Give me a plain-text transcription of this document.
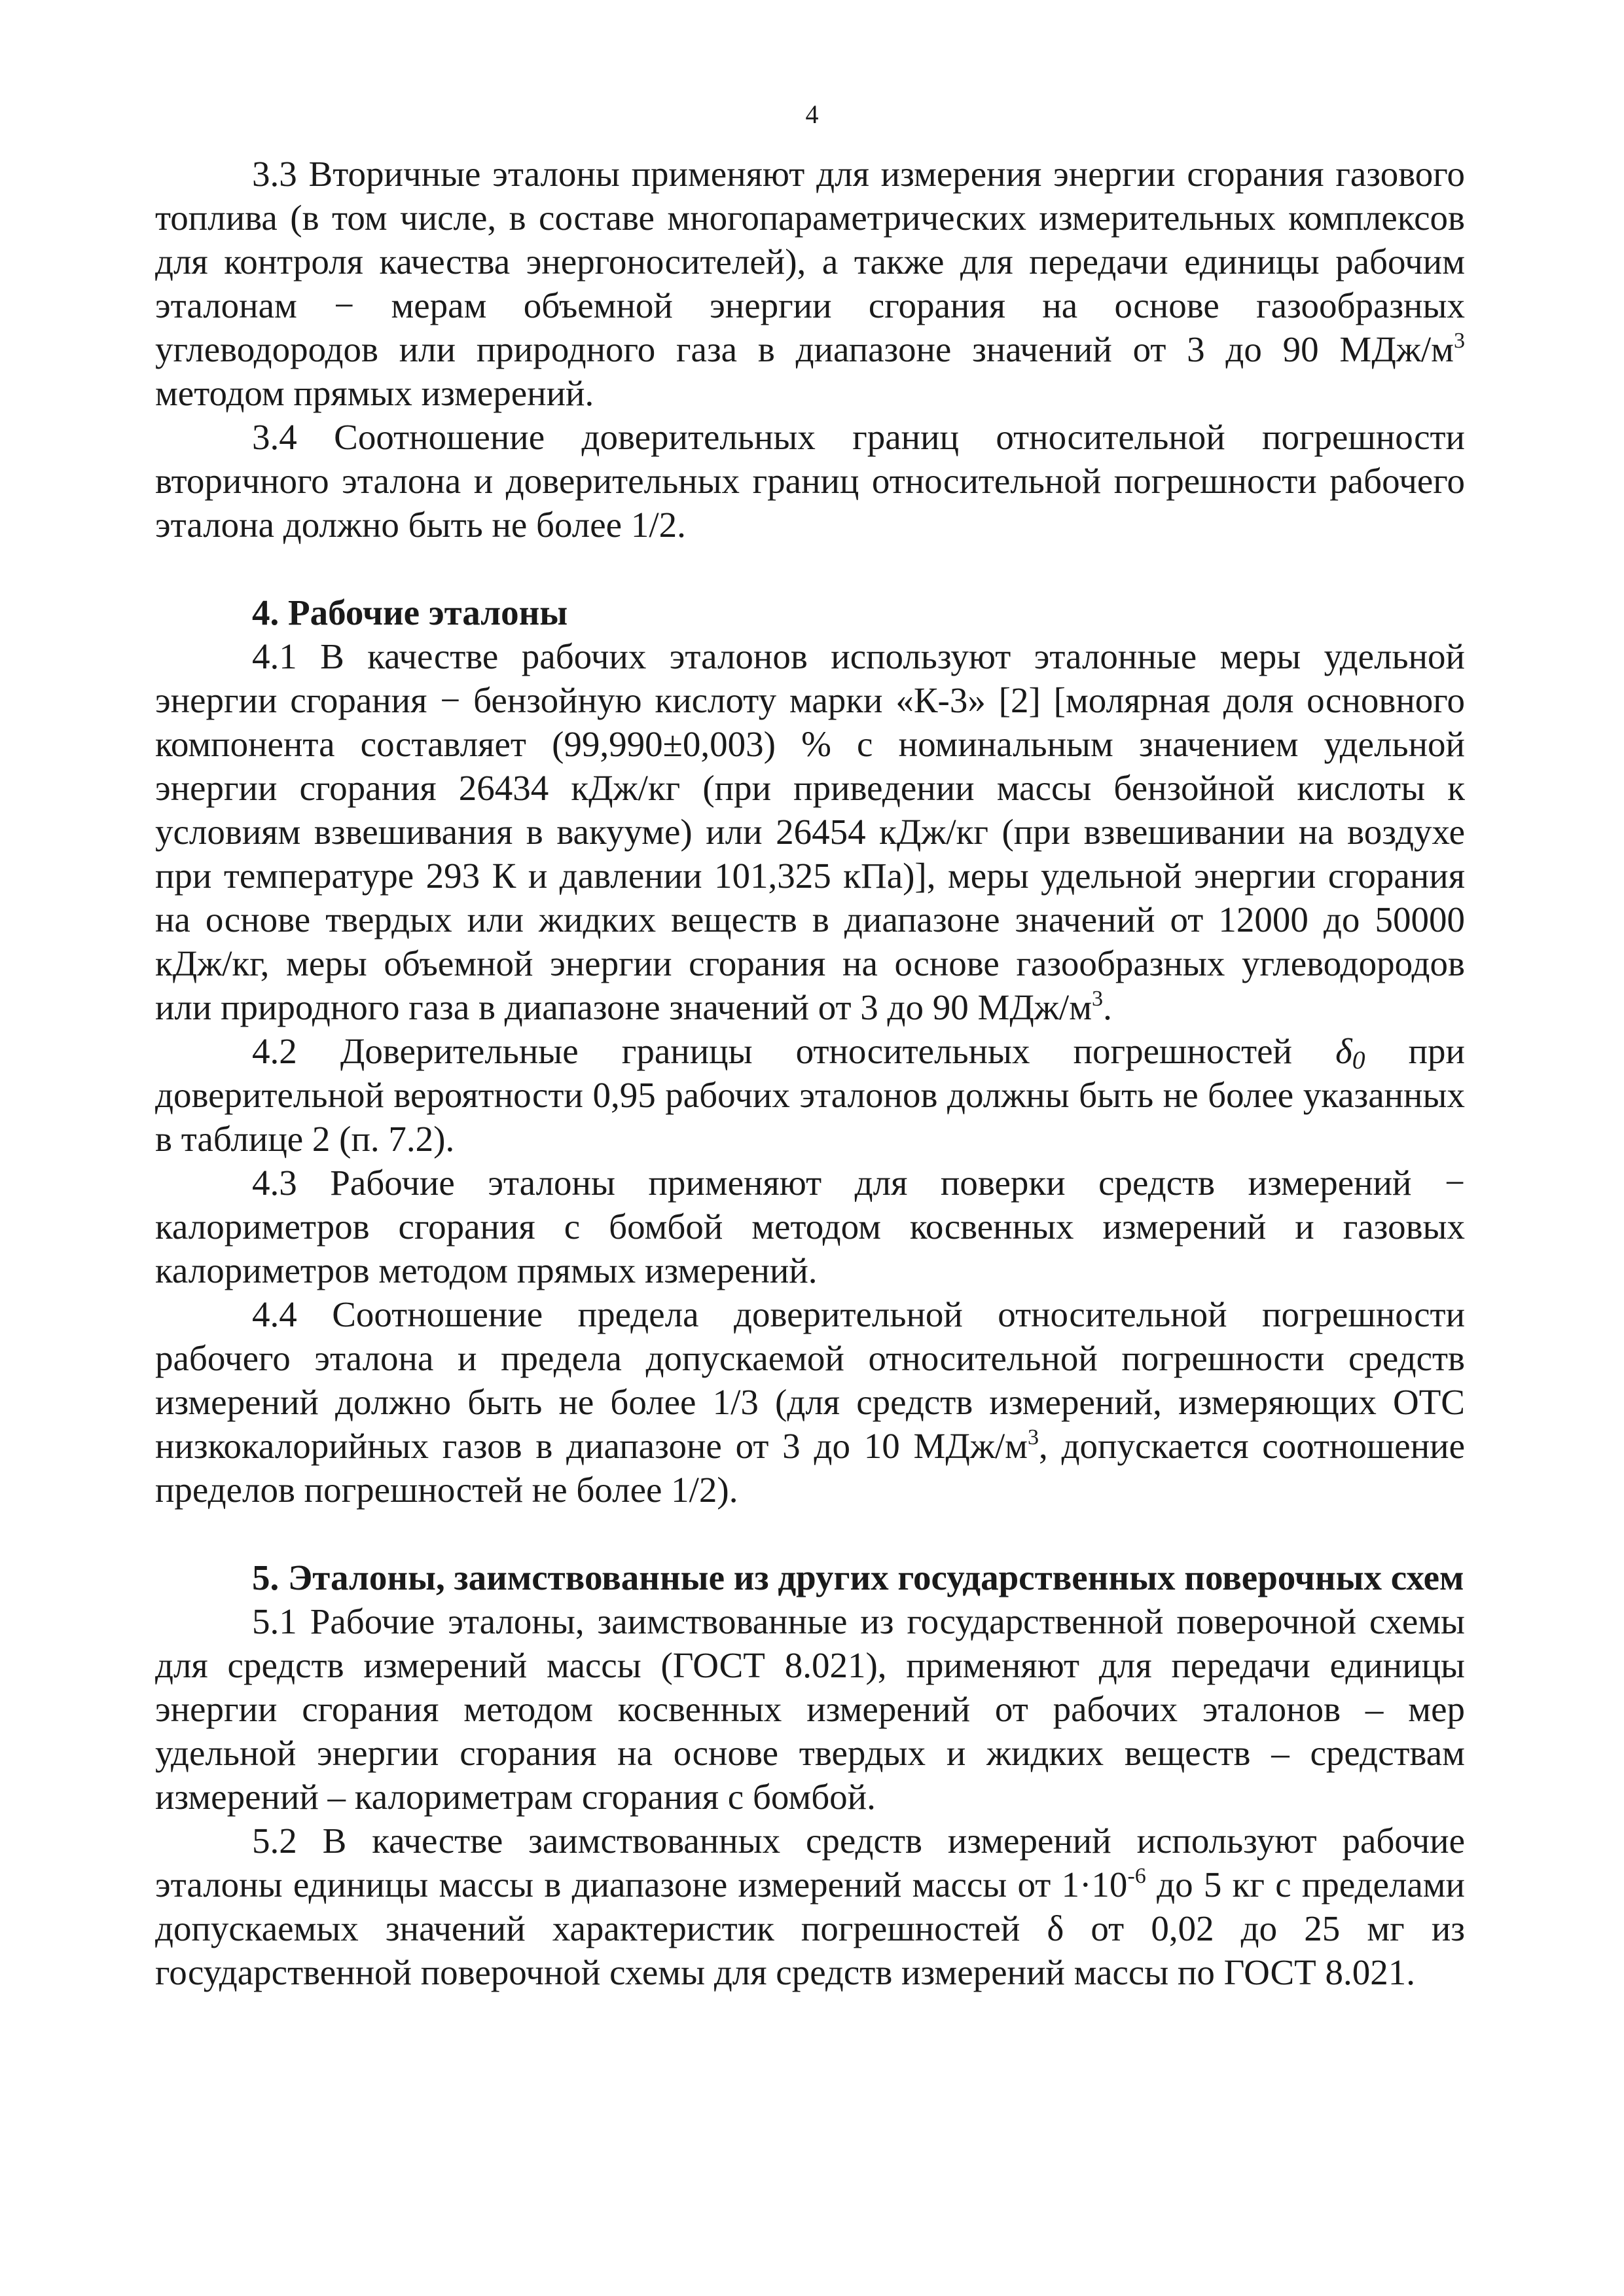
4

3.3 Вторичные эталоны применяют для измерения энергии сгорания газового топлива (в том числе, в составе многопараметрических измерительных комплексов для контроля качества энергоносителей), а также для передачи единицы рабочим эталонам − мерам объемной энергии сгорания на основе газообразных углеводородов или природного газа в диапазоне значений от 3 до 90 МДж/$м^3$ методом прямых измерений.

3.4 Соотношение доверительных границ относительной погрешности вторичного эталона и доверительных границ относительной погрешности рабочего эталона должно быть не более 1/2.

4. Рабочие эталоны

4.1 В качестве рабочих эталонов используют эталонные меры удельной энергии сгорания − бензойную кислоту марки «К-3» [2] [молярная доля основного компонента составляет (99,990±0,003) % с номинальным значением удельной энергии сгорания 26434 кДж/кг (при приведении массы бензойной кислоты к условиям взвешивания в вакууме) или 26454 кДж/кг (при взвешивании на воздухе при температуре 293 К и давлении 101,325 кПа)], меры удельной энергии сгорания на основе твердых или жидких веществ в диапазоне значений от 12000 до 50000 кДж/кг, меры объемной энергии сгорания на основе газообразных углеводородов или природного газа в диапазоне значений от 3 до 90 МДж/$м^3$.

4.2 Доверительные границы относительных погрешностей $\delta_0$ при доверительной вероятности 0,95 рабочих эталонов должны быть не более указанных в таблице 2 (п. 7.2).

4.3 Рабочие эталоны применяют для поверки средств измерений − калориметров сгорания с бомбой методом косвенных измерений и газовых калориметров методом прямых измерений.

4.4 Соотношение предела доверительной относительной погрешности рабочего эталона и предела допускаемой относительной погрешности средств измерений должно быть не более 1/3 (для средств измерений, измеряющих ОТС низкокалорийных газов в диапазоне от 3 до 10 МДж/$м^3$, допускается соотношение пределов погрешностей не более 1/2).

5. Эталоны, заимствованные из других государственных поверочных схем

5.1 Рабочие эталоны, заимствованные из государственной поверочной схемы для средств измерений массы (ГОСТ 8.021), применяют для передачи единицы энергии сгорания методом косвенных измерений от рабочих эталонов – мер удельной энергии сгорания на основе твердых и жидких веществ – средствам измерений – калориметрам сгорания с бомбой.

5.2 В качестве заимствованных средств измерений используют рабочие эталоны единицы массы в диапазоне измерений массы от $1\cdot 10^{-6}$ до 5 кг с пределами допускаемых значений характеристик погрешностей δ от 0,02 до 25 мг из государственной поверочной схемы для средств измерений массы по ГОСТ 8.021.
